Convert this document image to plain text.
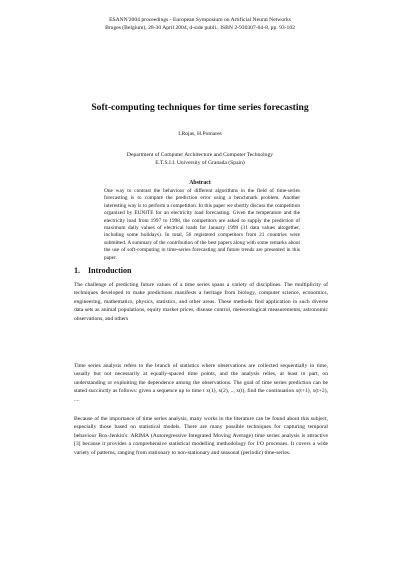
ESANN'2004 proceedings - European Symposium on Artificial Neural Networks
Bruges (Belgium), 28-30 April 2004, d-side publi., ISBN 2-930307-04-8, pp. 93-102
Soft-computing techniques for time series forecasting
I.Rojas, H.Pomares
Department of Computer Architecture and Computer Technology
E.T.S.I.I. University of Granada (Spain)
Abstract
One way to contrast the behaviour of different algorithms in the field of time-series forecasting is to compare the prediction error using a benchmark problem. Another interesting way is to perform a competition. In this paper we shortly discuss the competition organized by EUNITE for an electricity load forecasting. Given the temperature and the electricity load from 1997 to 1998, the competitors are asked to supply the prediction of maximum daily values of electrical loads for January 1999 (31 data values altogether, including some holidays). In total, 56 registered competitors from 21 countries were submitted. A summary of the contribution of the best papers along with some remarks about the use of soft-computing in time-series forecasting and future trends are presented in this paper.
1. Introduction
The challenge of predicting future values of a time series spans a variety of disciplines. The multiplicity of techniques developed to make predictions manifests a heritage from biology, computer science, economics, engineering, mathematics, physics, statistics, and other areas. These methods find application in such diverse data sets as animal populations, equity market prices, disease control, meteorological measurements, astronomic observations, and others
Time series analysis refers to the branch of statistics where observations are collected sequentially in time, usually but not necessarily at equally-spaced time points, and the analysis relies, at least in part, on understanding or exploiting the dependence among the observations. The goal of time series prediction can be stated succinctly as follows: given a sequence up to time t x(1), x(2), .., x(t), find the continuation x(t+1), x(t+2), ....
Because of the importance of time series analysis, many works in the literature can be found about this subject, especially those based on statistical models. There are many possible techniques for capturing temporal behaviour Box-Jenkin's: ARIMA (Autoregressive Integrated Moving Average) time series analysis is attractive [3] because it provides a comprehensive statistical modelling methodology for I/O processes. It covers a wide variety of patterns, ranging from stationary to non-stationary and seasonal (periodic) time-series.
